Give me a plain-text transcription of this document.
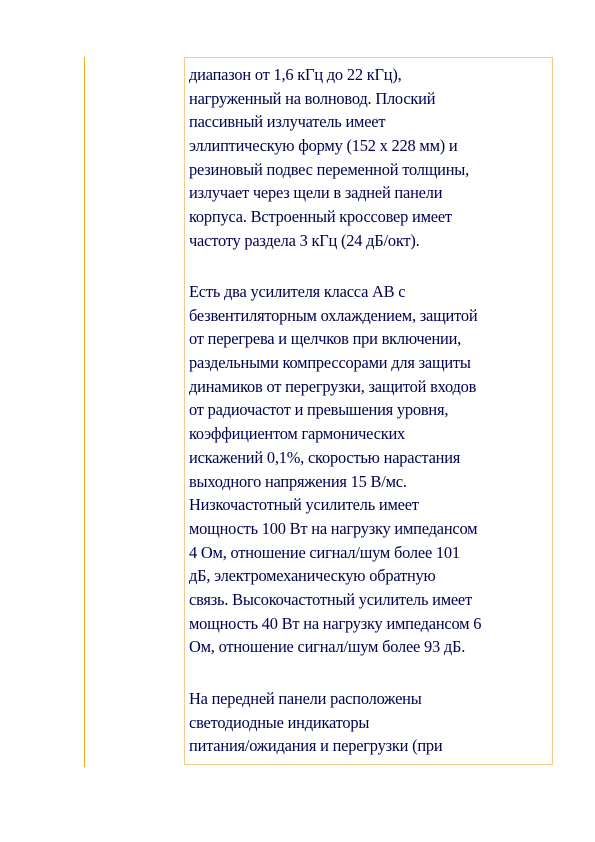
диапазон от 1,6 кГц до 22 кГц),
нагруженный на волновод. Плоский
пассивный излучатель имеет
эллиптическую форму (152 x 228 мм) и
резиновый подвес переменной толщины,
излучает через щели в задней панели
корпуса. Встроенный кроссовер имеет
частоту раздела 3 кГц (24 дБ/окт).

Есть два усилителя класса AB с
безвентиляторным охлаждением, защитой
от перегрева и щелчков при включении,
раздельными компрессорами для защиты
динамиков от перегрузки, защитой входов
от радиочастот и превышения уровня,
коэффициентом гармонических
искажений 0,1%, скоростью нарастания
выходного напряжения 15 В/мс.
Низкочастотный усилитель имеет
мощность 100 Вт на нагрузку импедансом
4 Ом, отношение сигнал/шум более 101
дБ, электромеханическую обратную
связь. Высокочастотный усилитель имеет
мощность 40 Вт на нагрузку импедансом 6
Ом, отношение сигнал/шум более 93 дБ.

На передней панели расположены
светодиодные индикаторы
питания/ожидания и перегрузки (при
